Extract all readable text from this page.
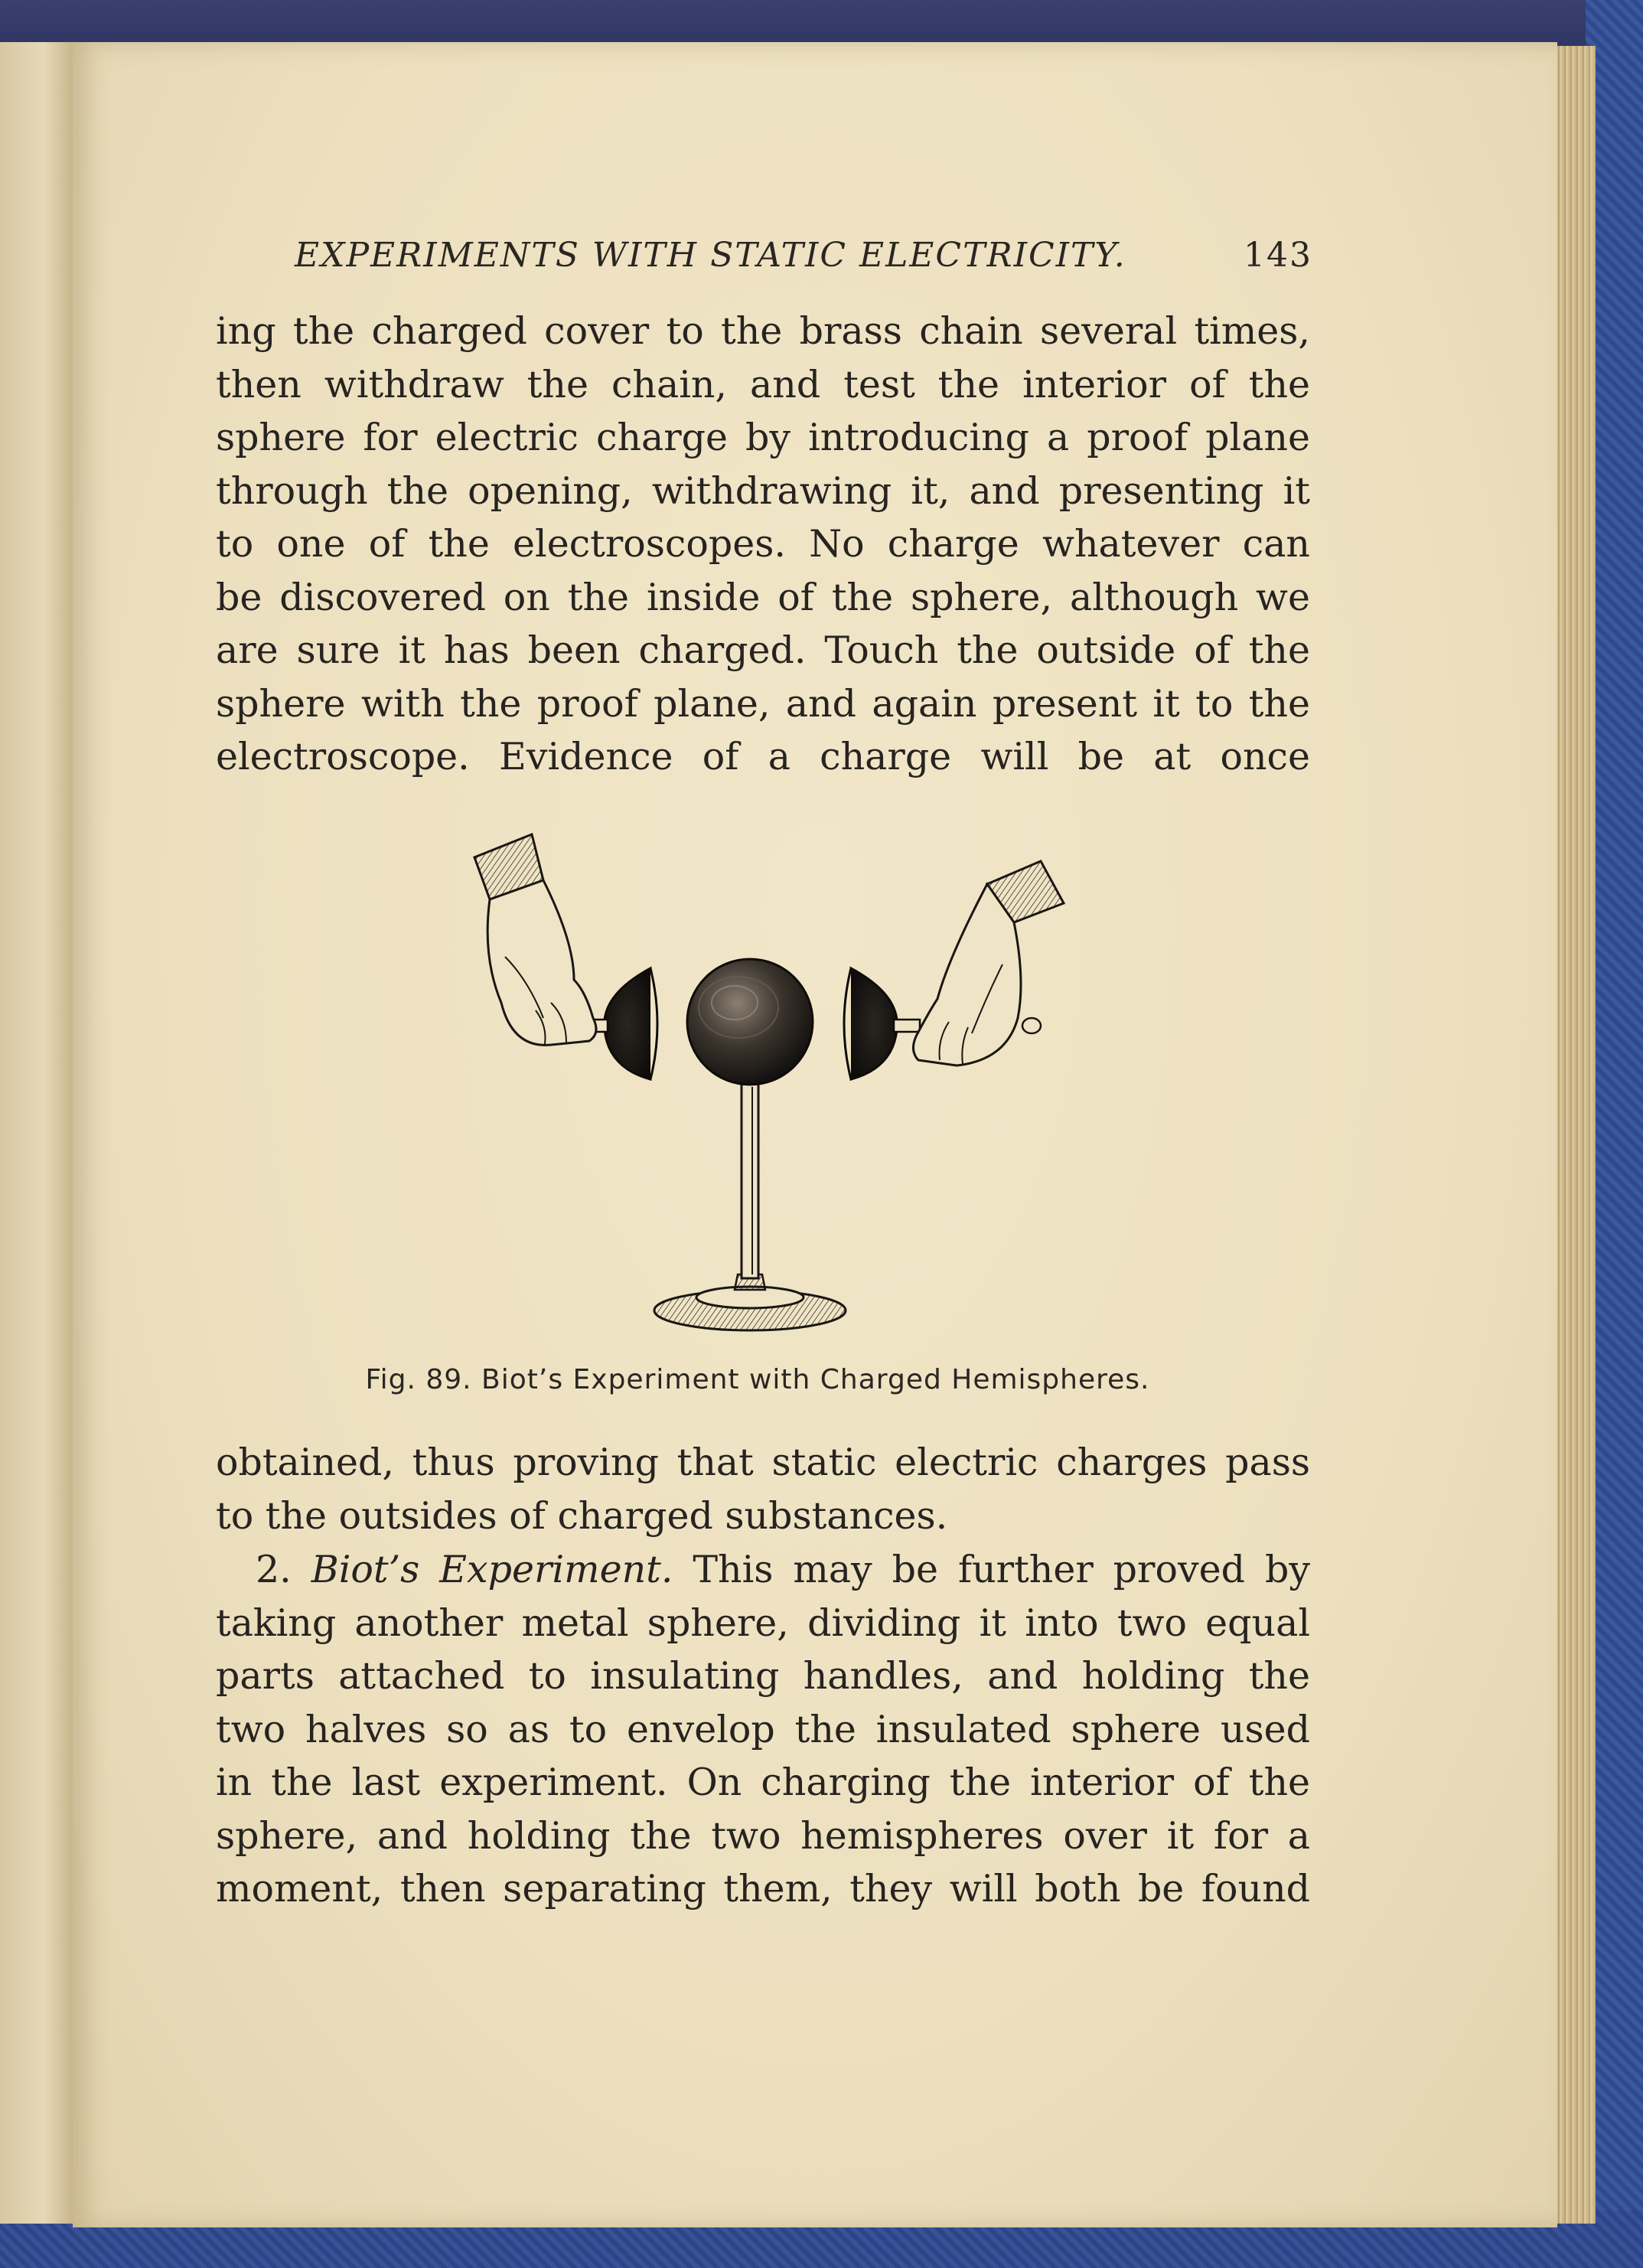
EXPERIMENTS WITH STATIC ELECTRICITY.	143
ing the charged cover to the brass chain several times,
then withdraw the chain, and test the interior of the
sphere for electric charge by introducing a proof plane
through the opening, withdrawing it, and presenting it
to one of the electroscopes. No charge whatever can
be discovered on the inside of the sphere, although we
are sure it has been charged. Touch the outside of the
sphere with the proof plane, and again present it to the
electroscope. Evidence of a charge will be at once
Fig. 89. Biot’s Experiment with Charged Hemispheres.
obtained, thus proving that static electric charges pass
to the outsides of charged substances.
2. Biot’s Experiment. This may be further proved by
taking another metal sphere, dividing it into two equal
parts attached to insulating handles, and holding the
two halves so as to envelop the insulated sphere used
in the last experiment. On charging the interior of the
sphere, and holding the two hemispheres over it for a
moment, then separating them, they will both be found
